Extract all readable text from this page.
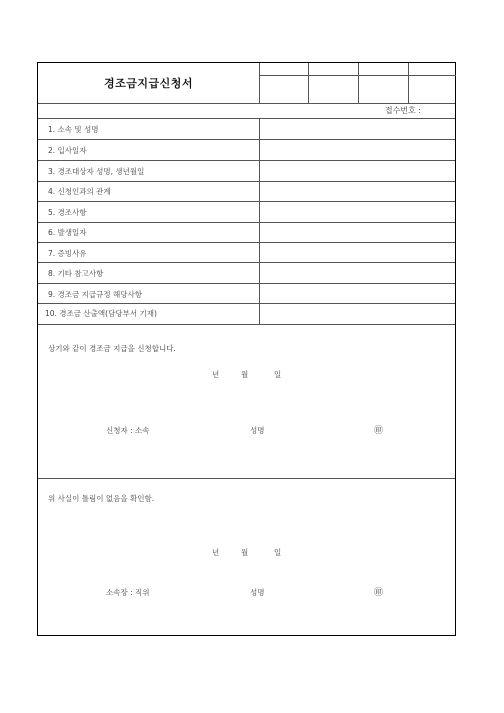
경조금지급신청서
접수번호 :
1. 소속 및 성명
2. 입사일자
3. 경조대상자 성명, 생년월일
4. 신청인과의 관계
5. 경조사항
6. 발생일자
7. 증빙사유
8. 기타 참고사항
9. 경조금 지급규정 해당사항
10. 경조금 산출액(담당부서 기재)
상기와 같이 경조금 지급을 신청합니다.
년	월	일
신청자 : 소속	성명	㊞
위 사실이 틀림이 없음을 확인함.
년	월	일
소속장 : 직위	성명	㊞
